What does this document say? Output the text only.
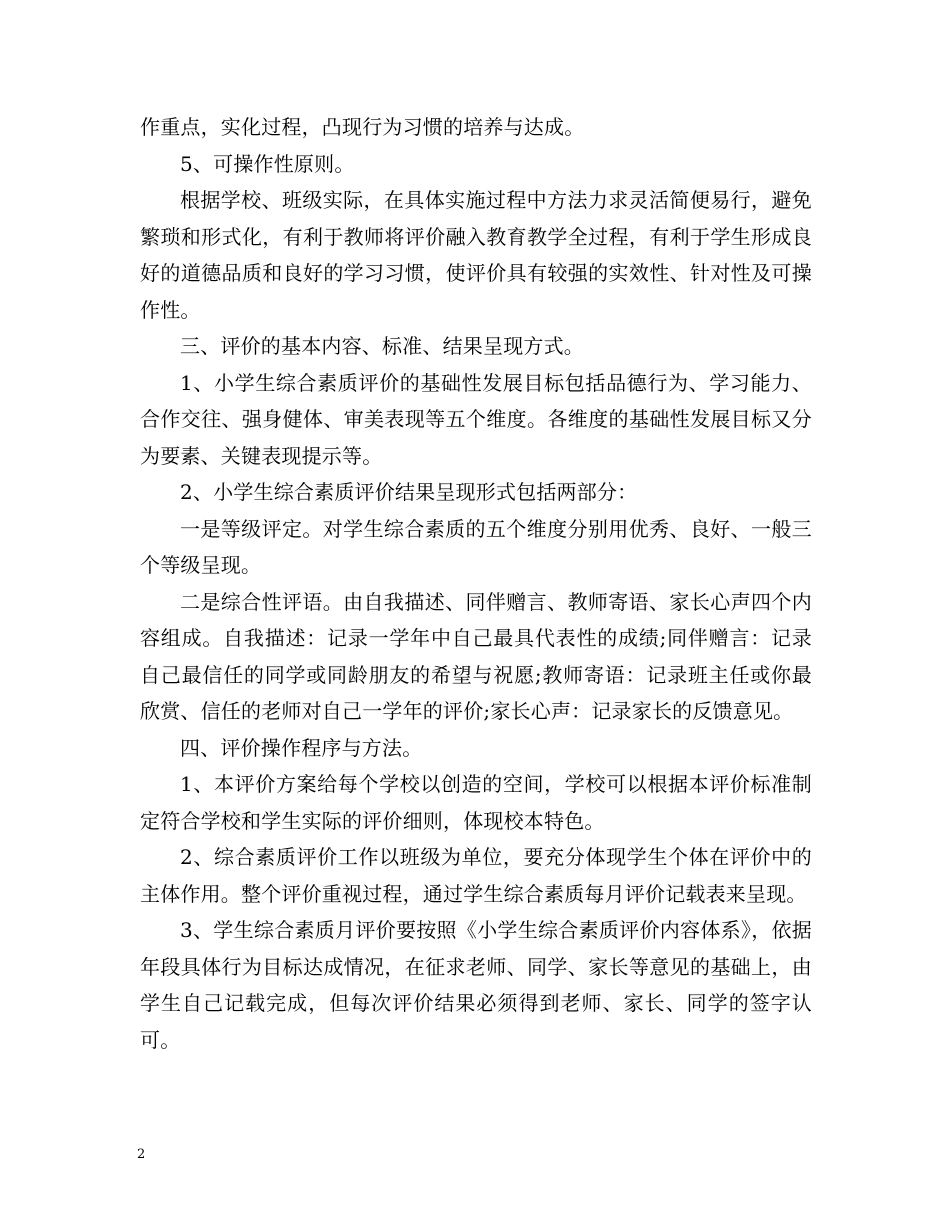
作重点，实化过程，凸现行为习惯的培养与达成。

5、可操作性原则。

根据学校、班级实际，在具体实施过程中方法力求灵活简便易行，避免繁琐和形式化，有利于教师将评价融入教育教学全过程，有利于学生形成良好的道德品质和良好的学习习惯，使评价具有较强的实效性、针对性及可操作性。

三、评价的基本内容、标准、结果呈现方式。

1、小学生综合素质评价的基础性发展目标包括品德行为、学习能力、合作交往、强身健体、审美表现等五个维度。各维度的基础性发展目标又分为要素、关键表现提示等。

2、小学生综合素质评价结果呈现形式包括两部分：

一是等级评定。对学生综合素质的五个维度分别用优秀、良好、一般三个等级呈现。

二是综合性评语。由自我描述、同伴赠言、教师寄语、家长心声四个内容组成。自我描述：记录一学年中自己最具代表性的成绩;同伴赠言：记录自己最信任的同学或同龄朋友的希望与祝愿;教师寄语：记录班主任或你最欣赏、信任的老师对自己一学年的评价;家长心声：记录家长的反馈意见。

四、评价操作程序与方法。

1、本评价方案给每个学校以创造的空间，学校可以根据本评价标准制定符合学校和学生实际的评价细则，体现校本特色。

2、综合素质评价工作以班级为单位，要充分体现学生个体在评价中的主体作用。整个评价重视过程，通过学生综合素质每月评价记载表来呈现。

3、学生综合素质月评价要按照《小学生综合素质评价内容体系》，依据年段具体行为目标达成情况，在征求老师、同学、家长等意见的基础上，由学生自己记载完成，但每次评价结果必须得到老师、家长、同学的签字认可。

2
